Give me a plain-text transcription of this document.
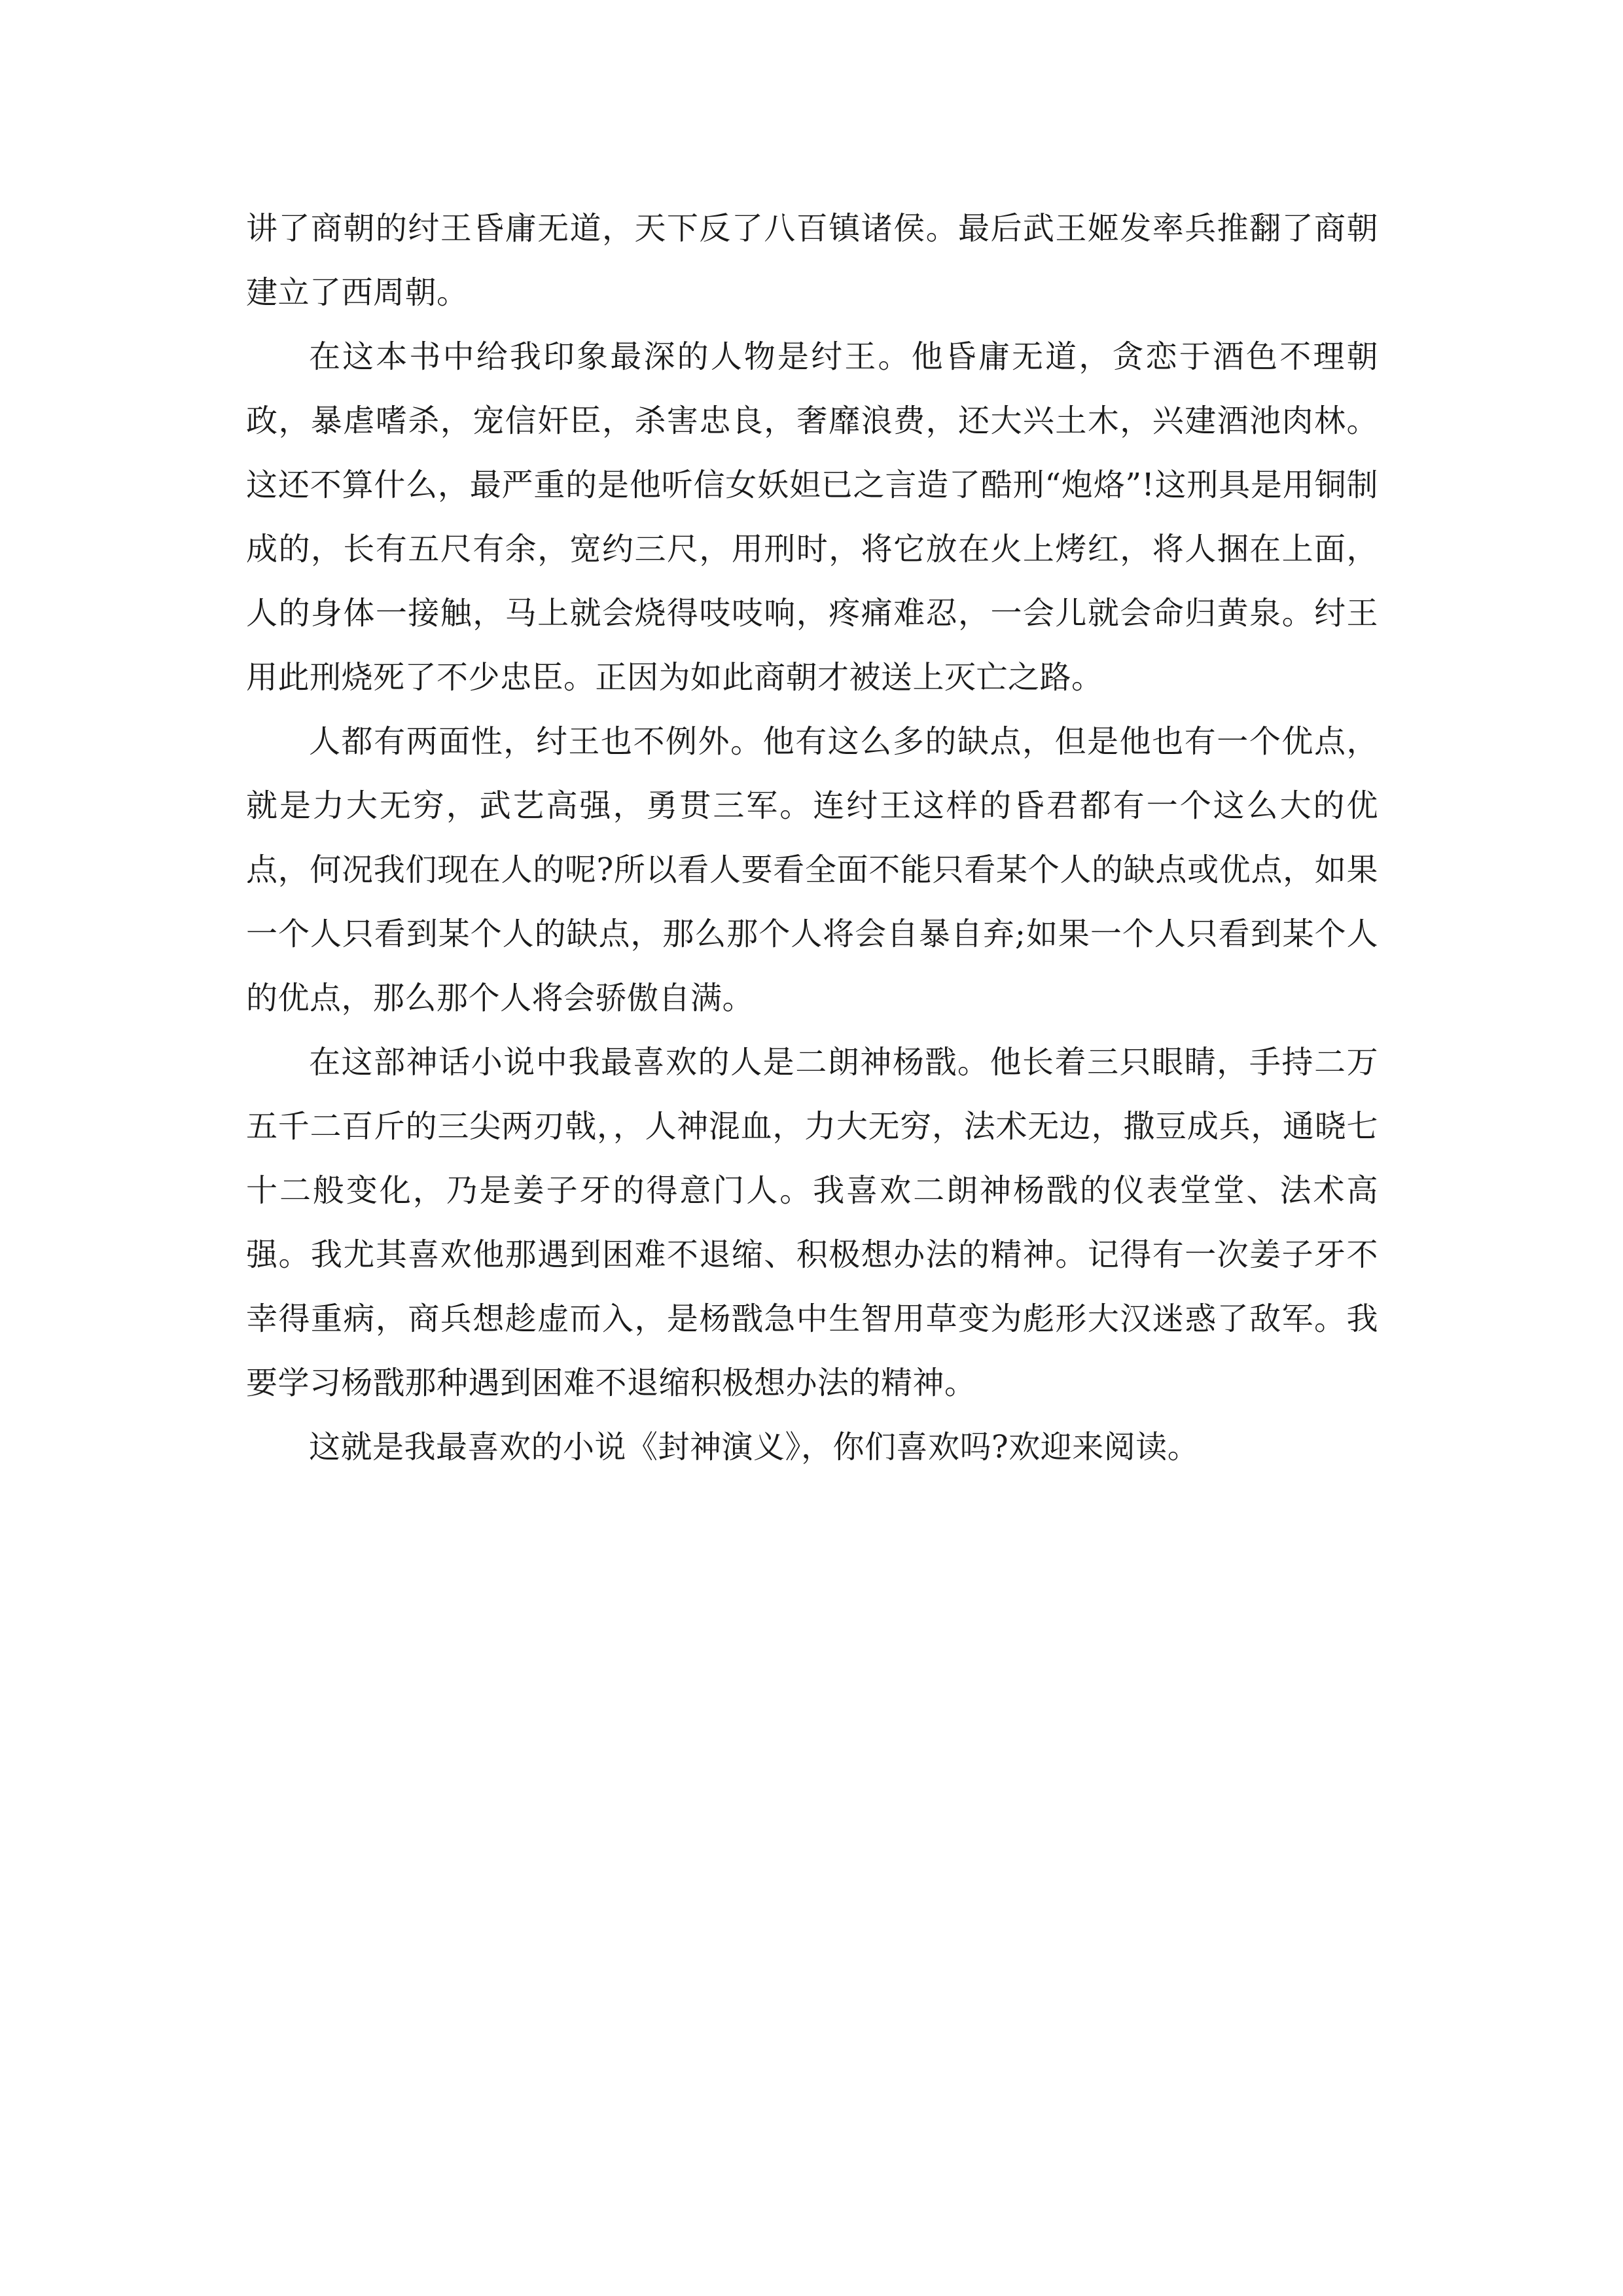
讲了商朝的纣王昏庸无道，天下反了八百镇诸侯。最后武王姬发率兵推翻了商朝建立了西周朝。

在这本书中给我印象最深的人物是纣王。他昏庸无道，贪恋于酒色不理朝政，暴虐嗜杀，宠信奸臣，杀害忠良，奢靡浪费，还大兴土木，兴建酒池肉林。这还不算什么，最严重的是他听信女妖妲已之言造了酷刑“炮烙”!这刑具是用铜制成的，长有五尺有余，宽约三尺，用刑时，将它放在火上烤红，将人捆在上面，人的身体一接触，马上就会烧得吱吱响，疼痛难忍，一会儿就会命归黄泉。纣王用此刑烧死了不少忠臣。正因为如此商朝才被送上灭亡之路。

人都有两面性，纣王也不例外。他有这么多的缺点，但是他也有一个优点，就是力大无穷，武艺高强，勇贯三军。连纣王这样的昏君都有一个这么大的优点，何况我们现在人的呢?所以看人要看全面不能只看某个人的缺点或优点，如果一个人只看到某个人的缺点，那么那个人将会自暴自弃;如果一个人只看到某个人的优点，那么那个人将会骄傲自满。

在这部神话小说中我最喜欢的人是二朗神杨戬。他长着三只眼睛，手持二万五千二百斤的三尖两刃戟，，人神混血，力大无穷，法术无边，撒豆成兵，通晓七十二般变化，乃是姜子牙的得意门人。我喜欢二朗神杨戬的仪表堂堂、法术高强。我尤其喜欢他那遇到困难不退缩、积极想办法的精神。记得有一次姜子牙不幸得重病，商兵想趁虚而入，是杨戬急中生智用草变为彪形大汉迷惑了敌军。我要学习杨戬那种遇到困难不退缩积极想办法的精神。

这就是我最喜欢的小说《封神演义》，你们喜欢吗?欢迎来阅读。
